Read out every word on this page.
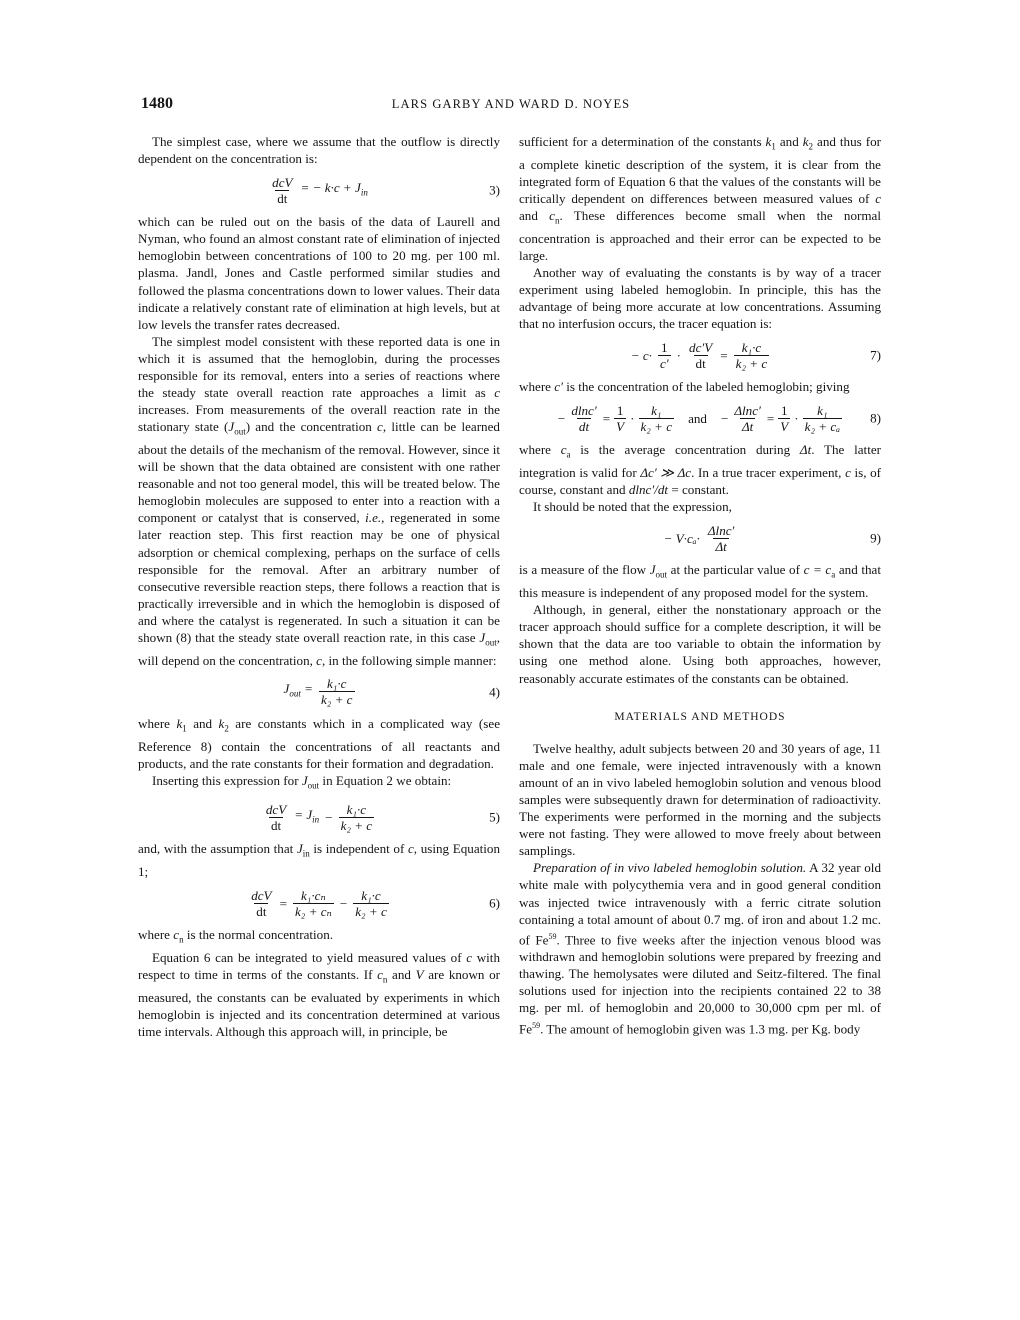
1480	LARS GARBY AND WARD D. NOYES

The simplest case, where we assume that the outflow is directly dependent on the concentration is:

$\frac{\text{dcV}}{dt}$ = − $k\cdot c + J_{in}$	3)

which can be ruled out on the basis of the data of Laurell and Nyman, who found an almost constant rate of elimination of injected hemoglobin between concentrations of 100 to 20 mg. per 100 ml. plasma. Jandl, Jones and Castle performed similar studies and followed the plasma concentrations down to lower values. Their data indicate a relatively constant rate of elimination at high levels, but at low levels the transfer rates decreased.

The simplest model consistent with these reported data is one in which it is assumed that the hemoglobin, during the processes responsible for its removal, enters into a series of reactions where the steady state overall reaction rate approaches a limit as c increases. From measurements of the overall reaction rate in the stationary state $(J_{out})$ and the concentration c, little can be learned about the details of the mechanism of the removal. However, since it will be shown that the data obtained are consistent with one rather reasonable and not too general model, this will be treated below. The hemoglobin molecules are supposed to enter into a reaction with a component or catalyst that is conserved, i.e., regenerated in some later reaction step. This first reaction may be one of physical adsorption or chemical complexing, perhaps on the surface of cells responsible for the removal. After an arbitrary number of consecutive reversible reaction steps, there follows a reaction that is practically irreversible and in which the hemoglobin is disposed of and where the catalyst is regenerated. In such a situation it can be shown (8) that the steady state overall reaction rate, in this case $J_{out}$, will depend on the concentration, c, in the following simple manner:

$J_{out} = \frac{\text{k₁·c}}{\text{k₂ + c}}$	4)

where $k_1$ and $k_2$ are constants which in a complicated way (see Reference 8) contain the concentrations of all reactants and products, and the rate constants for their formation and degradation.

Inserting this expression for $J_{out}$ in Equation 2 we obtain:

$\frac{\text{dcV}}{dt} = J_{in} - \frac{\text{k₁·c}}{\text{k₂ + c}}$	5)

and, with the assumption that $J_{in}$ is independent of c, using Equation 1;

$\frac{\text{dcV}}{dt} = \frac{\text{k₁·cₙ}}{\text{k₂ + cₙ}} - \frac{\text{k₁·c}}{\text{k₂ + c}}$	6)

where $c_n$ is the normal concentration.

Equation 6 can be integrated to yield measured values of c with respect to time in terms of the constants. If $c_n$ and V are known or measured, the constants can be evaluated by experiments in which hemoglobin is injected and its concentration determined at various time intervals. Although this approach will, in principle, be

sufficient for a determination of the constants $k_1$ and $k_2$ and thus for a complete kinetic description of the system, it is clear from the integrated form of Equation 6 that the values of the constants will be critically dependent on differences between measured values of c and $c_n$. These differences become small when the normal concentration is approached and their error can be expected to be large.

Another way of evaluating the constants is by way of a tracer experiment using labeled hemoglobin. In principle, this has the advantage of being more accurate at low concentrations. Assuming that no interfusion occurs, the tracer equation is:

− $c\cdot \frac{1}{c'} \cdot \frac{dc'V}{dt} = \frac{\text{k₁·c}}{\text{k₂ + c}}$	7)

where c′ is the concentration of the labeled hemoglobin; giving

− $\frac{dlnc'}{dt} = \frac{1}{V} \cdot \frac{\text{k₁}}{\text{k₂ + c}}$ and − $\frac{\Delta\ln c'}{\Delta t} = \frac{1}{V} \cdot \frac{\text{k₁}}{\text{k₂ + cₐ}} 8$)

where $c_a$ is the average concentration during Δt. The latter integration is valid for Δc′ ≫ Δc. In a true tracer experiment, c is, of course, constant and dlnc′/dt = constant.

It should be noted that the expression,

− $V\cdot c_a\cdot \frac{\Delta\ln c'}{\Delta t}$	9)

is a measure of the flow $J_{out}$ at the particular value of $c = c_a$ and that this measure is independent of any proposed model for the system.

Although, in general, either the nonstationary approach or the tracer approach should suffice for a complete description, it will be shown that the data are too variable to obtain the information by using one method alone. Using both approaches, however, reasonably accurate estimates of the constants can be obtained.

MATERIALS AND METHODS

Twelve healthy, adult subjects between 20 and 30 years of age, 11 male and one female, were injected intravenously with a known amount of an in vivo labeled hemoglobin solution and venous blood samples were subsequently drawn for determination of radioactivity. The experiments were performed in the morning and the subjects were not fasting. They were allowed to move freely about between samplings.

Preparation of in vivo labeled hemoglobin solution. A 32 year old white male with polycythemia vera and in good general condition was injected twice intravenously with a ferric citrate solution containing a total amount of about 0.7 mg. of iron and about 1.2 mc. of Fe$^{59}$. Three to five weeks after the injection venous blood was withdrawn and hemoglobin solutions were prepared by freezing and thawing. The hemolysates were diluted and Seitz-filtered. The final solutions used for injection into the recipients contained 22 to 38 mg. per ml. of hemoglobin and 20,000 to 30,000 cpm per ml. of Fe$^{59}$. The amount of hemoglobin given was 1.3 mg. per Kg. body
